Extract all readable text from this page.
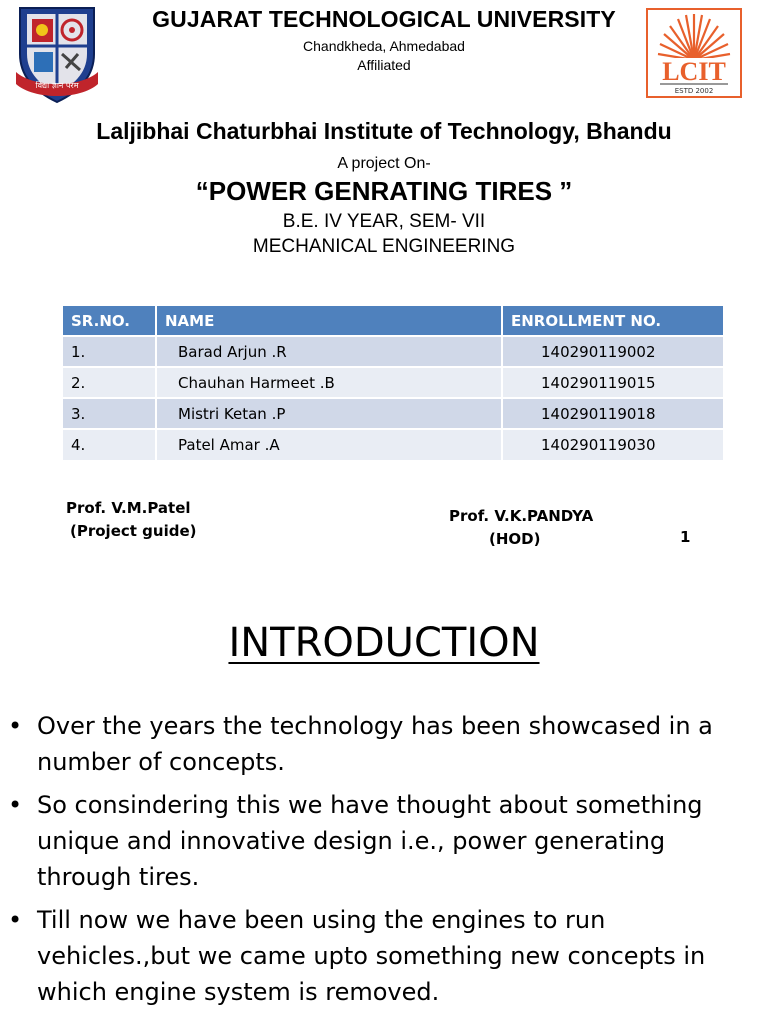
विद्या ज्ञान परम	LCIT
ESTD 2002
GUJARAT TECHNOLOGICAL UNIVERSITY
Chandkheda, Ahmedabad
Affiliated
Laljibhai Chaturbhai Institute of Technology, Bhandu
A project On-
“POWER GENRATING TIRES ”
B.E. IV YEAR, SEM- VII
MECHANICAL ENGINEERING
SR.NO.	NAME	ENROLLMENT NO.
1.	Barad Arjun .R	140290119002
2.	Chauhan Harmeet .B	140290119015
3.	Mistri Ketan .P	140290119018
4.	Patel Amar .A	140290119030
Prof. V.M.Patel
(Project guide)
Prof. V.K.PANDYA
(HOD)	1
INTRODUCTION
• Over the years the technology has been showcased in a number of concepts.
• So consindering this we have thought about something unique and innovative design i.e., power generating through tires.
• Till now we have been using the engines to run vehicles.,but we came upto something new concepts in which engine system is removed.
